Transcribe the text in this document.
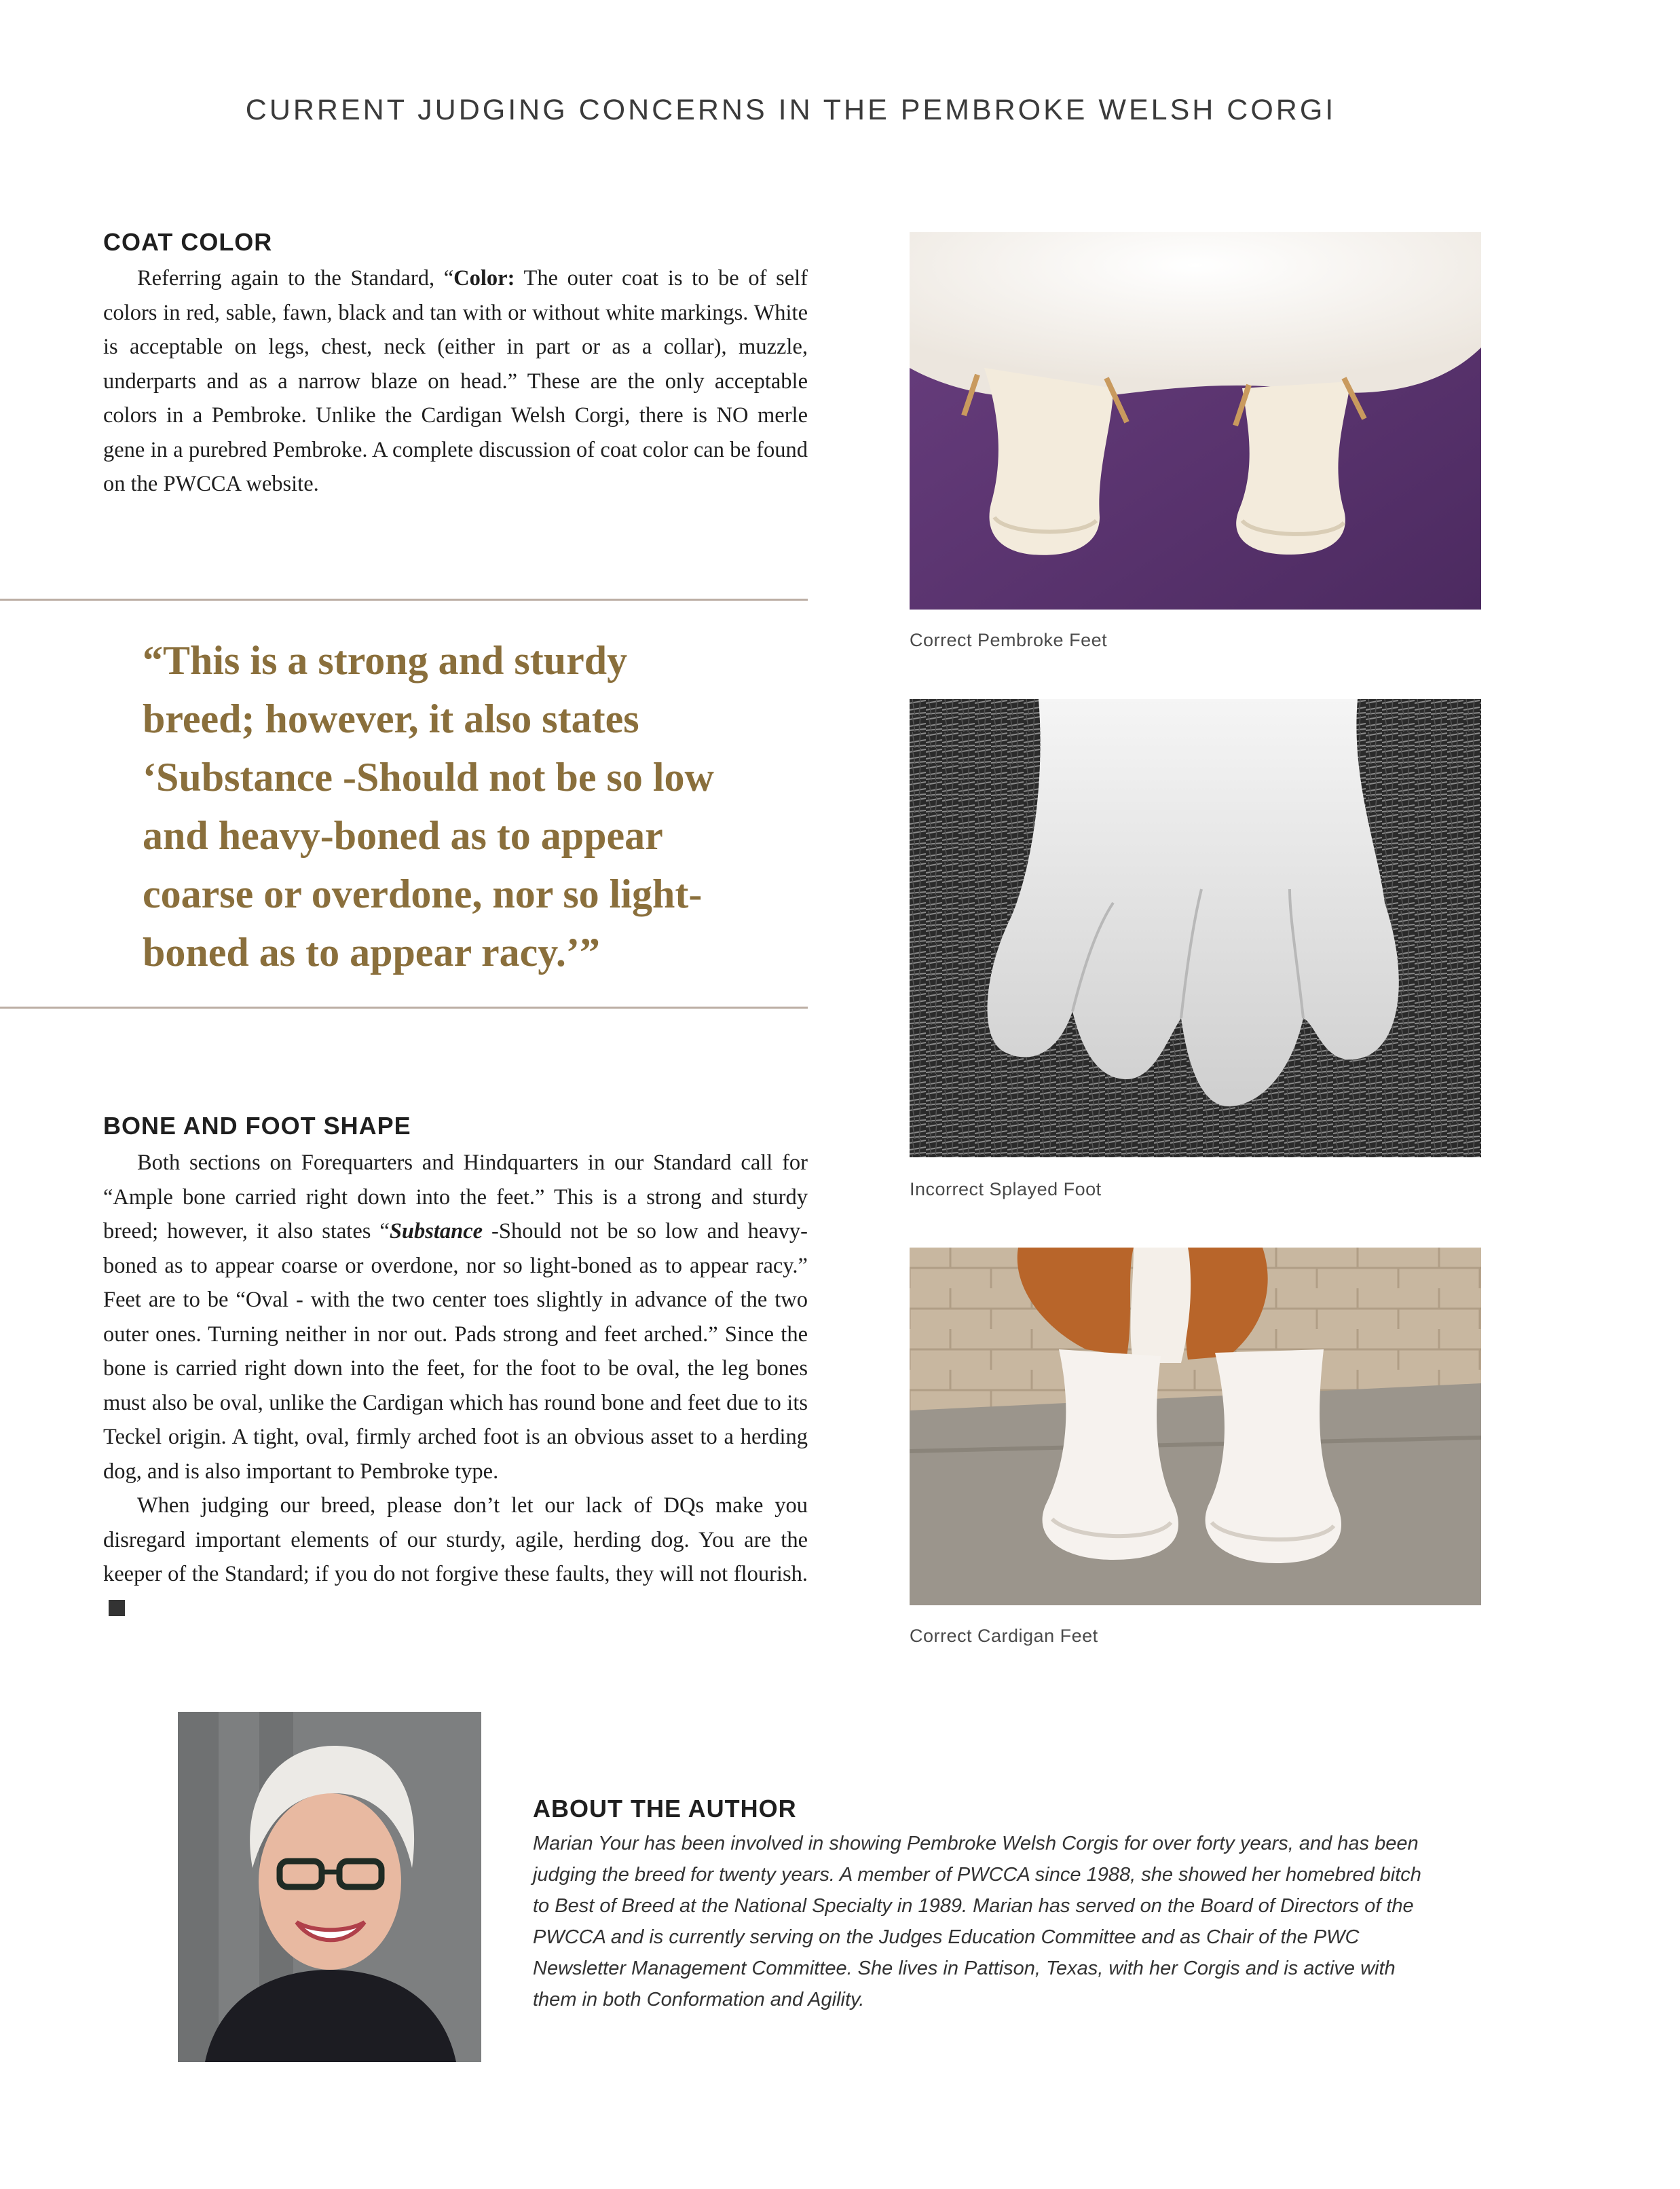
CURRENT JUDGING CONCERNS IN THE PEMBROKE WELSH CORGI
COAT COLOR

Referring again to the Standard, “Color: The outer coat is to be of self colors in red, sable, fawn, black and tan with or without white markings. White is acceptable on legs, chest, neck (either in part or as a collar), muzzle, underparts and as a narrow blaze on head.” These are the only acceptable colors in a Pembroke. Unlike the Cardigan Welsh Corgi, there is NO merle gene in a purebred Pembroke. A complete discussion of coat color can be found on the PWCCA website.

“This is a strong and sturdy breed; however, it also states ‘Substance -Should not be so low and heavy-boned as to appear coarse or overdone, nor so light-boned as to appear racy.’”
BONE AND FOOT SHAPE

Both sections on Forequarters and Hindquarters in our Standard call for “Ample bone carried right down into the feet.” This is a strong and sturdy breed; however, it also states “Substance -Should not be so low and heavy-boned as to appear coarse or overdone, nor so light-boned as to appear racy.” Feet are to be “Oval - with the two center toes slightly in advance of the two outer ones. Turning neither in nor out. Pads strong and feet arched.” Since the bone is carried right down into the feet, for the foot to be oval, the leg bones must also be oval, unlike the Cardigan which has round bone and feet due to its Teckel origin. A tight, oval, firmly arched foot is an obvious asset to a herding dog, and is also important to Pembroke type.

When judging our breed, please don’t let our lack of DQs make you disregard important elements of our sturdy, agile, herding dog. You are the keeper of the Standard; if you do not forgive these faults, they will not flourish.

Correct Pembroke Feet
Incorrect Splayed Foot
Correct Cardigan Feet
ABOUT THE AUTHOR
Marian Your has been involved in showing Pembroke Welsh Corgis for over forty years, and has been judging the breed for twenty years. A member of PWCCA since 1988, she showed her homebred bitch to Best of Breed at the National Specialty in 1989. Marian has served on the Board of Directors of the PWCCA and is currently serving on the Judges Education Committee and as Chair of the PWC Newsletter Management Committee. She lives in Pattison, Texas, with her Corgis and is active with them in both Conformation and Agility.
